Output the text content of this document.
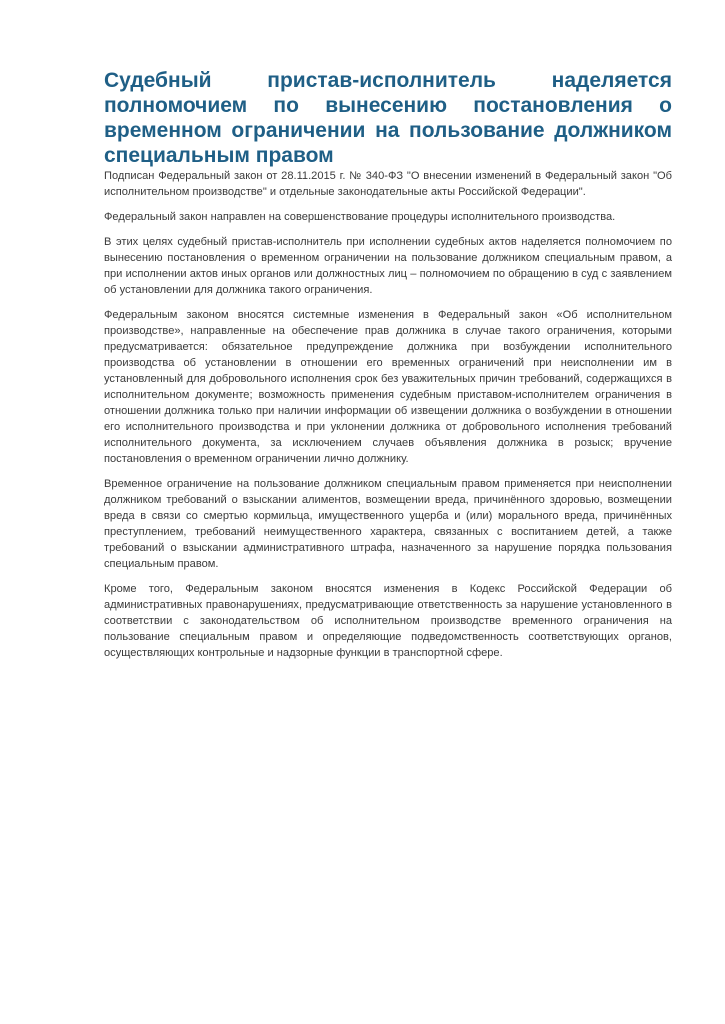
Судебный пристав-исполнитель наделяется полномочием по вынесению постановления о временном ограничении на пользование должником специальным правом

Подписан Федеральный закон от 28.11.2015 г. № 340-ФЗ "О внесении изменений в Федеральный закон "Об исполнительном производстве" и отдельные законодательные акты Российской Федерации".

Федеральный закон направлен на совершенствование процедуры исполнительного производства.

В этих целях судебный пристав-исполнитель при исполнении судебных актов наделяется полномочием по вынесению постановления о временном ограничении на пользование должником специальным правом, а при исполнении актов иных органов или должностных лиц – полномочием по обращению в суд с заявлением об установлении для должника такого ограничения.

Федеральным законом вносятся системные изменения в Федеральный закон «Об исполнительном производстве», направленные на обеспечение прав должника в случае такого ограничения, которыми предусматривается: обязательное предупреждение должника при возбуждении исполнительного производства об установлении в отношении его временных ограничений при неисполнении им в установленный для добровольного исполнения срок без уважительных причин требований, содержащихся в исполнительном документе; возможность применения судебным приставом-исполнителем ограничения в отношении должника только при наличии информации об извещении должника о возбуждении в отношении его исполнительного производства и при уклонении должника от добровольного исполнения требований исполнительного документа, за исключением случаев объявления должника в розыск; вручение постановления о временном ограничении лично должнику.

Временное ограничение на пользование должником специальным правом применяется при неисполнении должником требований о взыскании алиментов, возмещении вреда, причинённого здоровью, возмещении вреда в связи со смертью кормильца, имущественного ущерба и (или) морального вреда, причинённых преступлением, требований неимущественного характера, связанных с воспитанием детей, а также требований о взыскании административного штрафа, назначенного за нарушение порядка пользования специальным правом.

Кроме того, Федеральным законом вносятся изменения в Кодекс Российской Федерации об административных правонарушениях, предусматривающие ответственность за нарушение установленного в соответствии с законодательством об исполнительном производстве временного ограничения на пользование специальным правом и определяющие подведомственность соответствующих органов, осуществляющих контрольные и надзорные функции в транспортной сфере.
